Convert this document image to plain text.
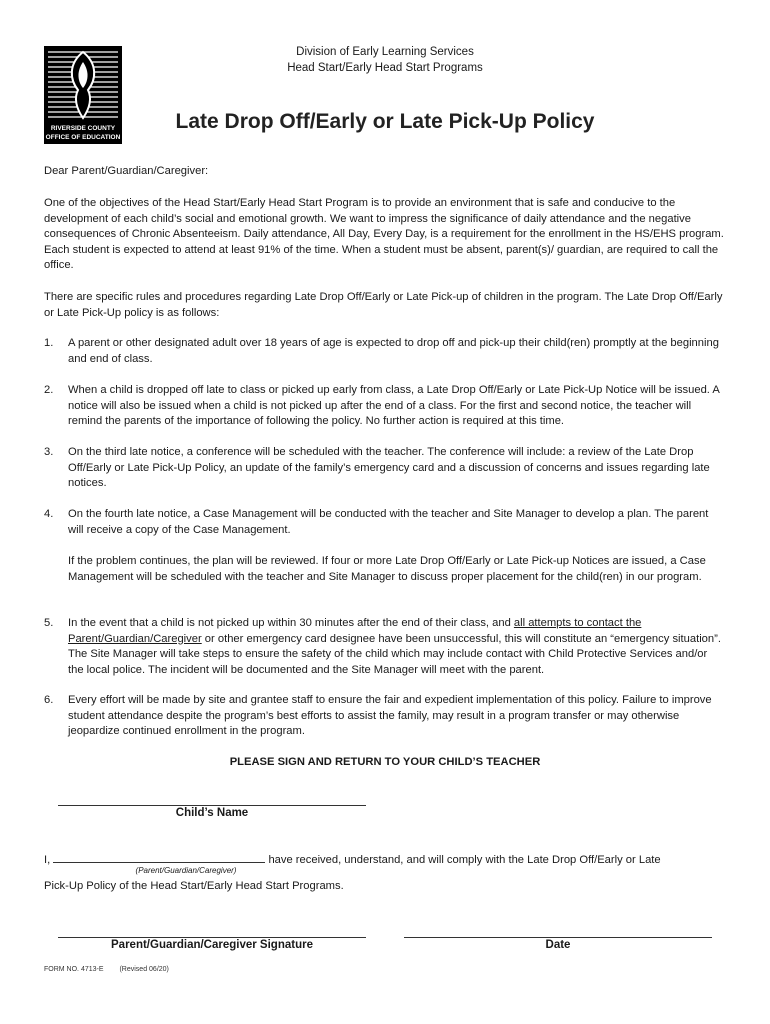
RIVERSIDE COUNTY
OFFICE OF EDUCATION
Division of Early Learning Services
Head Start/Early Head Start Programs
Late Drop Off/Early or Late Pick-Up Policy

Dear Parent/Guardian/Caregiver:

One of the objectives of the Head Start/Early Head Start Program is to provide an environment that is safe and conducive to the development of each child’s social and emotional growth. We want to impress the significance of daily attendance and the negative consequences of Chronic Absenteeism. Daily attendance, All Day, Every Day, is a requirement for the enrollment in the HS/EHS program. Each student is expected to attend at least 91% of the time. When a student must be absent, parent(s)/ guardian, are required to call the office.

There are specific rules and procedures regarding Late Drop Off/Early or Late Pick-up of children in the program. The Late Drop Off/Early or Late Pick-Up policy is as follows:

1.	A parent or other designated adult over 18 years of age is expected to drop off and pick-up their child(ren) promptly at the beginning and end of class.

2.	When a child is dropped off late to class or picked up early from class, a Late Drop Off/Early or Late Pick-Up Notice will be issued. A notice will also be issued when a child is not picked up after the end of a class. For the first and second notice, the teacher will remind the parents of the importance of following the policy. No further action is required at this time.

3.	On the third late notice, a conference will be scheduled with the teacher. The conference will include: a review of the Late Drop Off/Early or Late Pick-Up Policy, an update of the family’s emergency card and a discussion of concerns and issues regarding late notices.

4.	On the fourth late notice, a Case Management will be conducted with the teacher and Site Manager to develop a plan. The parent will receive a copy of the Case Management.

If the problem continues, the plan will be reviewed. If four or more Late Drop Off/Early or Late Pick-up Notices are issued, a Case Management will be scheduled with the teacher and Site Manager to discuss proper placement for the child(ren) in our program.

5.	In the event that a child is not picked up within 30 minutes after the end of their class, and all attempts to contact the Parent/Guardian/Caregiver or other emergency card designee have been unsuccessful, this will constitute an “emergency situation”. The Site Manager will take steps to ensure the safety of the child which may include contact with Child Protective Services and/or the local police. The incident will be documented and the Site Manager will meet with the parent.

6.	Every effort will be made by site and grantee staff to ensure the fair and expedient implementation of this policy. Failure to improve student attendance despite the program’s best efforts to assist the family, may result in a program transfer or may otherwise jeopardize continued enrollment in the program.

PLEASE SIGN AND RETURN TO YOUR CHILD’S TEACHER
Child’s Name
I,	have received, understand, and will comply with the Late Drop Off/Early or Late
(Parent/Guardian/Caregiver)

Pick-Up Policy of the Head Start/Early Head Start Programs.

Parent/Guardian/Caregiver Signature	Date
FORM NO. 4713-E (Revised 06/20)
